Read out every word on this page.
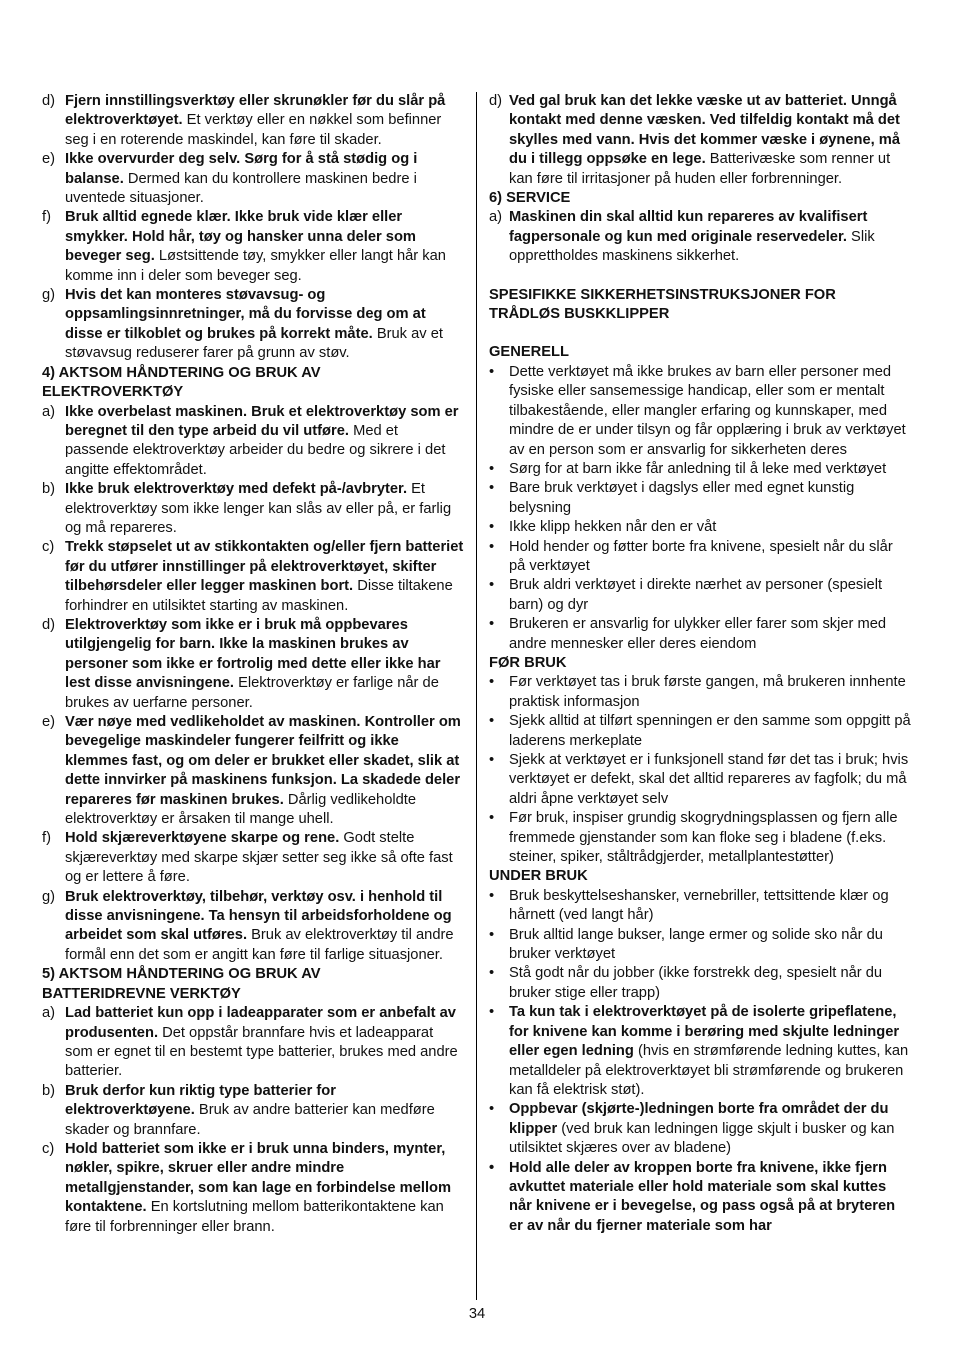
d) Fjern innstillingsverktøy eller skrunøkler før du slår på elektroverktøyet. Et verktøy eller en nøkkel som befinner seg i en roterende maskindel, kan føre til skader.
e) Ikke overvurder deg selv. Sørg for å stå stødig og i balanse. Dermed kan du kontrollere maskinen bedre i uventede situasjoner.
f) Bruk alltid egnede klær. Ikke bruk vide klær eller smykker. Hold hår, tøy og hansker unna deler som beveger seg. Løstsittende tøy, smykker eller langt hår kan komme inn i deler som beveger seg.
g) Hvis det kan monteres støvavsug- og oppsamlingsinnretninger, må du forvisse deg om at disse er tilkoblet og brukes på korrekt måte. Bruk av et støvavsug reduserer farer på grunn av støv.
4) AKTSOM HÅNDTERING OG BRUK AV ELEKTROVERKTØY
a) Ikke overbelast maskinen. Bruk et elektroverktøy som er beregnet til den type arbeid du vil utføre. Med et passende elektroverktøy arbeider du bedre og sikrere i det angitte effektområdet.
b) Ikke bruk elektroverktøy med defekt på-/avbryter. Et elektroverktøy som ikke lenger kan slås av eller på, er farlig og må repareres.
c) Trekk støpselet ut av stikkontakten og/eller fjern batteriet før du utfører innstillinger på elektroverktøyet, skifter tilbehørsdeler eller legger maskinen bort. Disse tiltakene forhindrer en utilsiktet starting av maskinen.
d) Elektroverktøy som ikke er i bruk må oppbevares utilgjengelig for barn. Ikke la maskinen brukes av personer som ikke er fortrolig med dette eller ikke har lest disse anvisningene. Elektroverktøy er farlige når de brukes av uerfarne personer.
e) Vær nøye med vedlikeholdet av maskinen. Kontroller om bevegelige maskindeler fungerer feilfritt og ikke klemmes fast, og om deler er brukket eller skadet, slik at dette innvirker på maskinens funksjon. La skadede deler repareres før maskinen brukes. Dårlig vedlikeholdte elektroverktøy er årsaken til mange uhell.
f) Hold skjæreverktøyene skarpe og rene. Godt stelte skjæreverktøy med skarpe skjær setter seg ikke så ofte fast og er lettere å føre.
g) Bruk elektroverktøy, tilbehør, verktøy osv. i henhold til disse anvisningene. Ta hensyn til arbeidsforholdene og arbeidet som skal utføres. Bruk av elektroverktøy til andre formål enn det som er angitt kan føre til farlige situasjoner.
5) AKTSOM HÅNDTERING OG BRUK AV BATTERIDREVNE VERKTØY
a) Lad batteriet kun opp i ladeapparater som er anbefalt av produsenten. Det oppstår brannfare hvis et ladeapparat som er egnet til en bestemt type batterier, brukes med andre batterier.
b) Bruk derfor kun riktig type batterier for elektroverktøyene. Bruk av andre batterier kan medføre skader og brannfare.
c) Hold batteriet som ikke er i bruk unna binders, mynter, nøkler, spikre, skruer eller andre mindre metallgjenstander, som kan lage en forbindelse mellom kontaktene. En kortslutning mellom batterikontaktene kan føre til forbrenninger eller brann.
d) Ved gal bruk kan det lekke væske ut av batteriet. Unngå kontakt med denne væsken. Ved tilfeldig kontakt må det skylles med vann. Hvis det kommer væske i øynene, må du i tillegg oppsøke en lege. Batterivæske som renner ut kan føre til irritasjoner på huden eller forbrenninger.
6) SERVICE
a) Maskinen din skal alltid kun repareres av kvalifisert fagpersonale og kun med originale reservedeler. Slik opprettholdes maskinens sikkerhet.
SPESIFIKKE SIKKERHETSINSTRUKSJONER FOR TRÅDLØS BUSKKLIPPER
GENERELL
•	Dette verktøyet må ikke brukes av barn eller personer med fysiske eller sansemessige handicap, eller som er mentalt tilbakestående, eller mangler erfaring og kunnskaper, med mindre de er under tilsyn og får opplæring i bruk av verktøyet av en person som er ansvarlig for sikkerheten deres
•	Sørg for at barn ikke får anledning til å leke med verktøyet
•	Bare bruk verktøyet i dagslys eller med egnet kunstig belysning
•	Ikke klipp hekken når den er våt
•	Hold hender og føtter borte fra knivene, spesielt når du slår på verktøyet
•	Bruk aldri verktøyet i direkte nærhet av personer (spesielt barn) og dyr
•	Brukeren er ansvarlig for ulykker eller farer som skjer med andre mennesker eller deres eiendom
FØR BRUK
•	Før verktøyet tas i bruk første gangen, må brukeren innhente praktisk informasjon
•	Sjekk alltid at tilført spenningen er den samme som oppgitt på laderens merkeplate
•	Sjekk at verktøyet er i funksjonell stand før det tas i bruk; hvis verktøyet er defekt, skal det alltid repareres av fagfolk; du må aldri åpne verktøyet selv
•	Før bruk, inspiser grundig skogrydningsplassen og fjern alle fremmede gjenstander som kan floke seg i bladene (f.eks. steiner, spiker, ståltrådgjerder, metallplantestøtter)
UNDER BRUK
•	Bruk beskyttelseshansker, vernebriller, tettsittende klær og hårnett (ved langt hår)
•	Bruk alltid lange bukser, lange ermer og solide sko når du bruker verktøyet
•	Stå godt når du jobber (ikke forstrekk deg, spesielt når du bruker stige eller trapp)
•	Ta kun tak i elektroverktøyet på de isolerte gripeflatene, for knivene kan komme i berøring med skjulte ledninger eller egen ledning (hvis en strømførende ledning kuttes, kan metalldeler på elektroverktøyet bli strømførende og brukeren kan få elektrisk støt).
•	Oppbevar (skjørte-)ledningen borte fra området der du klipper (ved bruk kan ledningen ligge skjult i busker og kan utilsiktet skjæres over av bladene)
•	Hold alle deler av kroppen borte fra knivene, ikke fjern avkuttet materiale eller hold materiale som skal kuttes når knivene er i bevegelse, og pass også på at bryteren er av når du fjerner materiale som har
34
